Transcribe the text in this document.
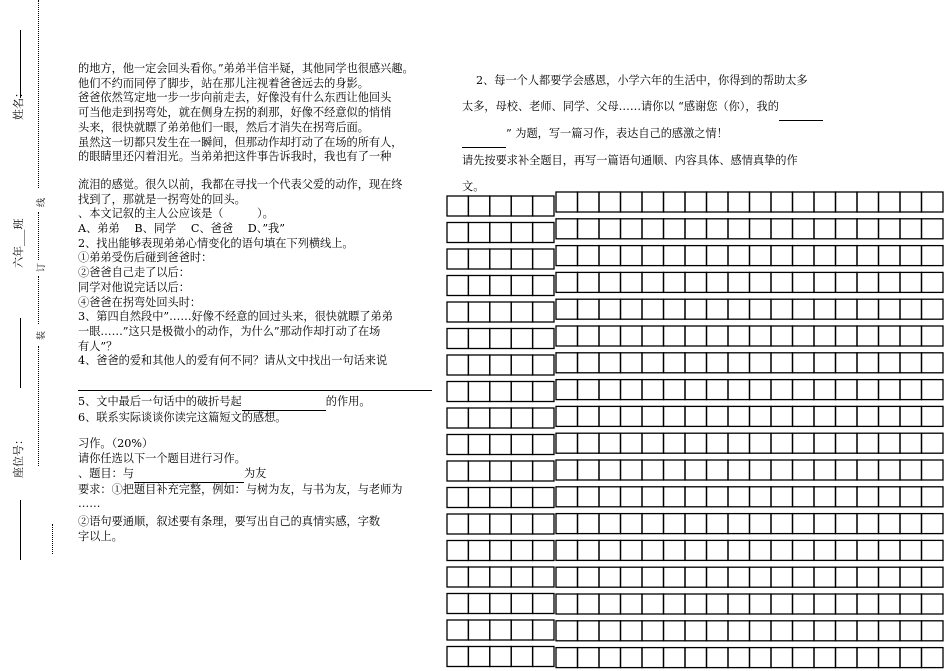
姓名：
六年___班
座位号：
线
订
装

的地方，他一定会回头看你。”弟弟半信半疑，其他同学也很感兴趣。

他们不约而同停了脚步，站在那儿注视着爸爸远去的身影。

爸爸依然笃定地一步一步向前走去，好像没有什么东西让他回头

可当他走到拐弯处，就在侧身左拐的刹那，好像不经意似的悄悄

头来，很快就瞟了弟弟他们一眼，然后才消失在拐弯后面。

虽然这一切都只发生在一瞬间，但那动作却打动了在场的所有人，

的眼睛里还闪着泪光。当弟弟把这件事告诉我时，我也有了一种

流泪的感觉。很久以前，我都在寻找一个代表父爱的动作，现在终

找到了，那就是一拐弯处的回头。

、本文记叙的主人公应该是（　　　）。

A、弟弟　 B、同学　 C、爸爸　 D、”我”

2、找出能够表现弟弟心情变化的语句填在下列横线上。

①弟弟受伤后碰到爸爸时：

②爸爸自己走了以后：

同学对他说完话以后：

④爸爸在拐弯处回头时：

3、第四自然段中”……好像不经意的回过头来，很快就瞟了弟弟

一眼……”这只是极微小的动作，为什么”那动作却打动了在场

有人”？

4、爸爸的爱和其他人的爱有何不同？请从文中找出一句话来说

5、文中最后一句话中的破折号起	的作用。

6、联系实际谈谈你读完这篇短文的感想。

习作。（20%）

请你任选以下一个题目进行习作。

、题目：与	为友

要求：①把题目补充完整，例如：与树为友，与书为友，与老师为

……

②语句要通顺，叙述要有条理，要写出自己的真情实感，字数

字以上。

2、每一个人都要学会感恩，小学六年的生活中，你得到的帮助太多

太多，母校、老师、同学、父母……请你以 “感谢您（你），我的

” 为题，写一篇习作，表达自己的感激之情！

请先按要求补全题目，再写一篇语句通顺、内容具体、感情真挚的作

文。
